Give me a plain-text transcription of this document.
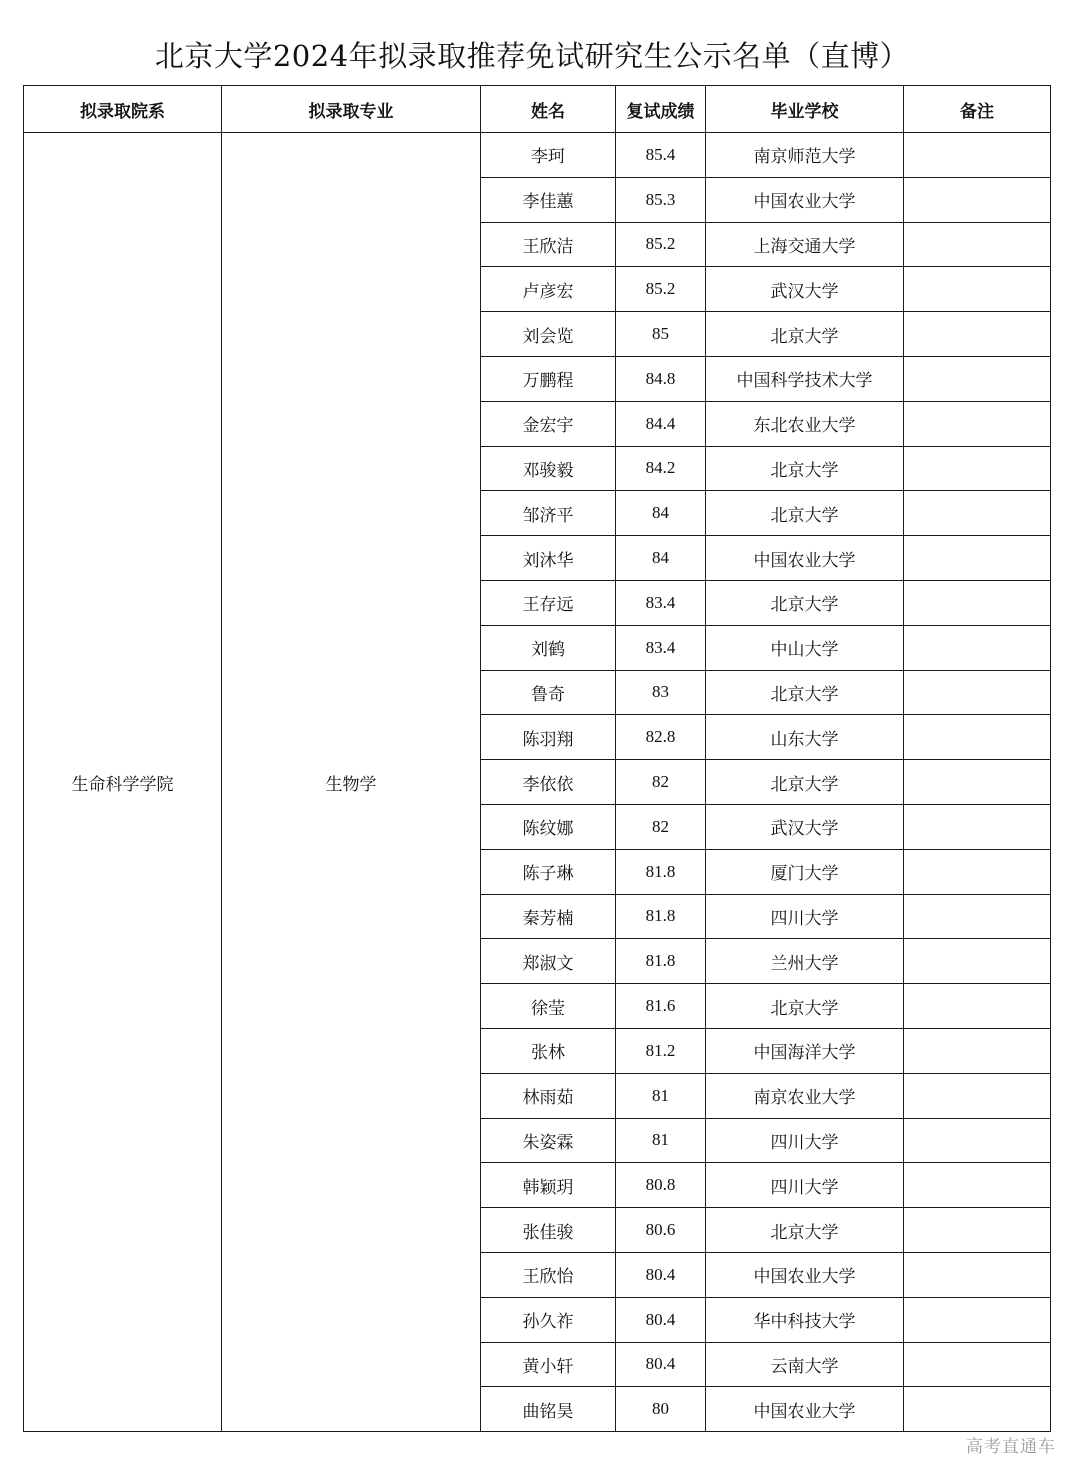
北京大学2024年拟录取推荐免试研究生公示名单（直博）
拟录取院系	拟录取专业	姓名	复试成绩	毕业学校	备注
生命科学学院	生物学	李珂	85.4	南京师范大学	
		李佳蕙	85.3	中国农业大学	
		王欣洁	85.2	上海交通大学	
		卢彦宏	85.2	武汉大学	
		刘会览	85	北京大学	
		万鹏程	84.8	中国科学技术大学	
		金宏宇	84.4	东北农业大学	
		邓骏毅	84.2	北京大学	
		邹济平	84	北京大学	
		刘沐华	84	中国农业大学	
		王存远	83.4	北京大学	
		刘鹤	83.4	中山大学	
		鲁奇	83	北京大学	
		陈羽翔	82.8	山东大学	
		李依依	82	北京大学	
		陈纹娜	82	武汉大学	
		陈子琳	81.8	厦门大学	
		秦芳楠	81.8	四川大学	
		郑淑文	81.8	兰州大学	
		徐莹	81.6	北京大学	
		张林	81.2	中国海洋大学	
		林雨茹	81	南京农业大学	
		朱姿霖	81	四川大学	
		韩颖玥	80.8	四川大学	
		张佳骏	80.6	北京大学	
		王欣怡	80.4	中国农业大学	
		孙久祚	80.4	华中科技大学	
		黄小轩	80.4	云南大学	
		曲铭昊	80	中国农业大学	
高考直通车
